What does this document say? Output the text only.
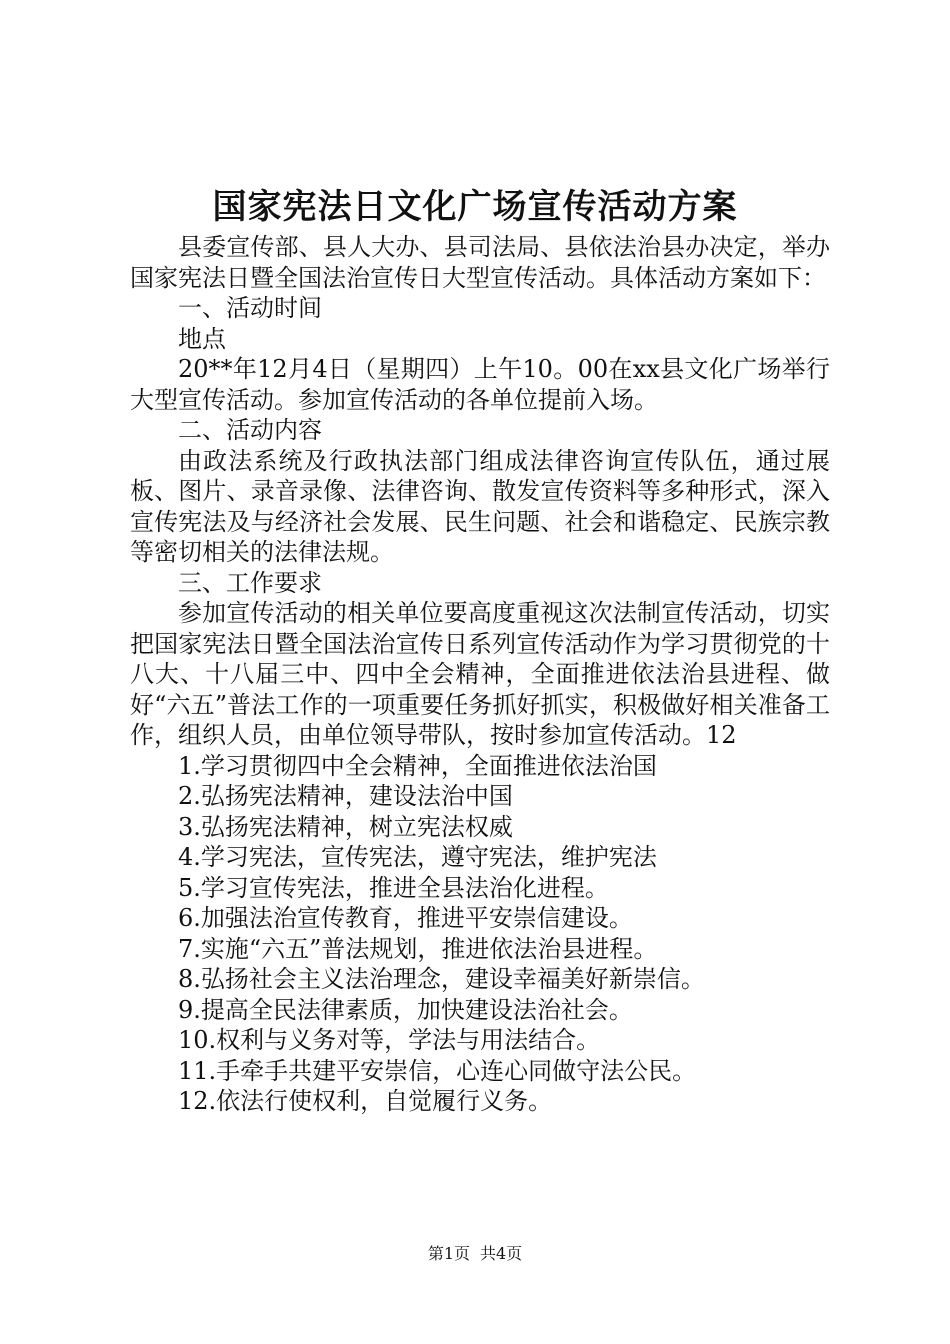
国家宪法日文化广场宣传活动方案

县委宣传部、县人大办、县司法局、县依法治县办决定，举办国家宪法日暨全国法治宣传日大型宣传活动。具体活动方案如下：

一、活动时间

地点

20**年12月4日（星期四）上午10。00在xx县文化广场举行大型宣传活动。参加宣传活动的各单位提前入场。

二、活动内容

由政法系统及行政执法部门组成法律咨询宣传队伍，通过展板、图片、录音录像、法律咨询、散发宣传资料等多种形式，深入宣传宪法及与经济社会发展、民生问题、社会和谐稳定、民族宗教等密切相关的法律法规。

三、工作要求

参加宣传活动的相关单位要高度重视这次法制宣传活动，切实把国家宪法日暨全国法治宣传日系列宣传活动作为学习贯彻党的十八大、十八届三中、四中全会精神，全面推进依法治县进程、做好“六五”普法工作的一项重要任务抓好抓实，积极做好相关准备工作，组织人员，由单位领导带队，按时参加宣传活动。12

1.学习贯彻四中全会精神，全面推进依法治国

2.弘扬宪法精神，建设法治中国

3.弘扬宪法精神，树立宪法权威

4.学习宪法，宣传宪法，遵守宪法，维护宪法

5.学习宣传宪法，推进全县法治化进程。

6.加强法治宣传教育，推进平安崇信建设。

7.实施“六五”普法规划，推进依法治县进程。

8.弘扬社会主义法治理念，建设幸福美好新崇信。

9.提高全民法律素质，加快建设法治社会。

10.权利与义务对等，学法与用法结合。

11.手牵手共建平安崇信，心连心同做守法公民。

12.依法行使权利，自觉履行义务。

第1页 共4页
